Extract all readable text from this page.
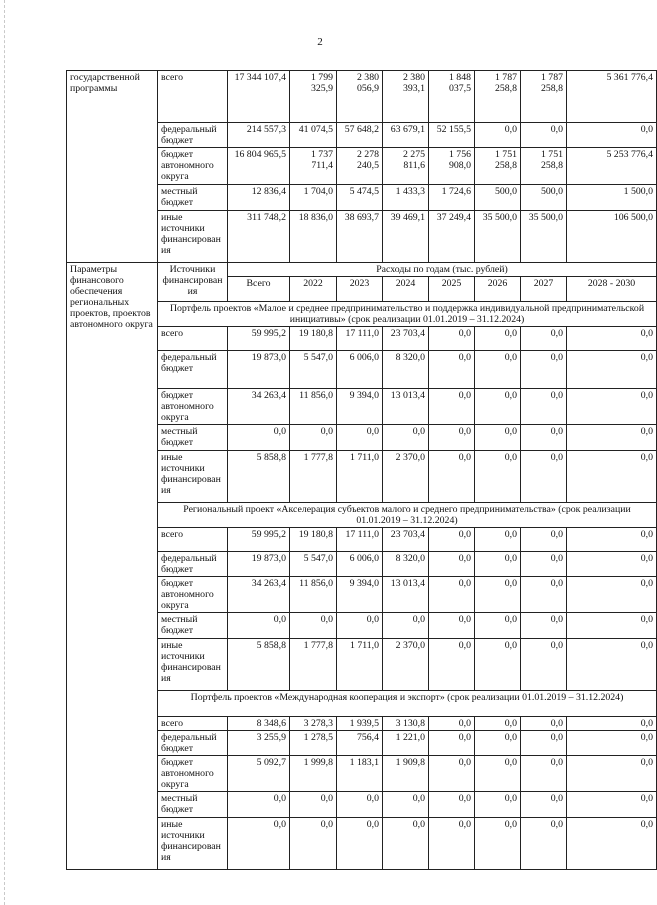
2
государственной программы	всего	17 344 107,4	1 799 325,9	2 380 056,9	2 380 393,1	1 848 037,5	1 787 258,8	1 787 258,8	5 361 776,4
	федеральный бюджет	214 557,3	41 074,5	57 648,2	63 679,1	52 155,5	0,0	0,0	0,0
	бюджет автономного округа	16 804 965,5	1 737 711,4	2 278 240,5	2 275 811,6	1 756 908,0	1 751 258,8	1 751 258,8	5 253 776,4
	местный бюджет	12 836,4	1 704,0	5 474,5	1 433,3	1 724,6	500,0	500,0	1 500,0
	иные источники финансирования	311 748,2	18 836,0	38 693,7	39 469,1	37 249,4	35 500,0	35 500,0	106 500,0
Параметры финансового обеспечения региональных проектов, проектов автономного округа	Источники финансирования	Расходы по годам (тыс. рублей)							
		Всего	2022	2023	2024	2025	2026	2027	2028 - 2030
	Портфель проектов «Малое и среднее предпринимательство и поддержка индивидуальной предпринимательской инициативы» (срок реализации 01.01.2019 – 31.12.2024)								
	всего	59 995,2	19 180,8	17 111,0	23 703,4	0,0	0,0	0,0	0,0
	федеральный бюджет	19 873,0	5 547,0	6 006,0	8 320,0	0,0	0,0	0,0	0,0
	бюджет автономного округа	34 263,4	11 856,0	9 394,0	13 013,4	0,0	0,0	0,0	0,0
	местный бюджет	0,0	0,0	0,0	0,0	0,0	0,0	0,0	0,0
	иные источники финансирования	5 858,8	1 777,8	1 711,0	2 370,0	0,0	0,0	0,0	0,0
	Региональный проект «Акселерация субъектов малого и среднего предпринимательства» (срок реализации 01.01.2019 – 31.12.2024)								
	всего	59 995,2	19 180,8	17 111,0	23 703,4	0,0	0,0	0,0	0,0
	федеральный бюджет	19 873,0	5 547,0	6 006,0	8 320,0	0,0	0,0	0,0	0,0
	бюджет автономного округа	34 263,4	11 856,0	9 394,0	13 013,4	0,0	0,0	0,0	0,0
	местный бюджет	0,0	0,0	0,0	0,0	0,0	0,0	0,0	0,0
	иные источники финансирования	5 858,8	1 777,8	1 711,0	2 370,0	0,0	0,0	0,0	0,0
	Портфель проектов «Международная кооперация и экспорт» (срок реализации 01.01.2019 – 31.12.2024)								
	всего	8 348,6	3 278,3	1 939,5	3 130,8	0,0	0,0	0,0	0,0
	федеральный бюджет	3 255,9	1 278,5	756,4	1 221,0	0,0	0,0	0,0	0,0
	бюджет автономного округа	5 092,7	1 999,8	1 183,1	1 909,8	0,0	0,0	0,0	0,0
	местный бюджет	0,0	0,0	0,0	0,0	0,0	0,0	0,0	0,0
	иные источники финансирования	0,0	0,0	0,0	0,0	0,0	0,0	0,0	0,0
